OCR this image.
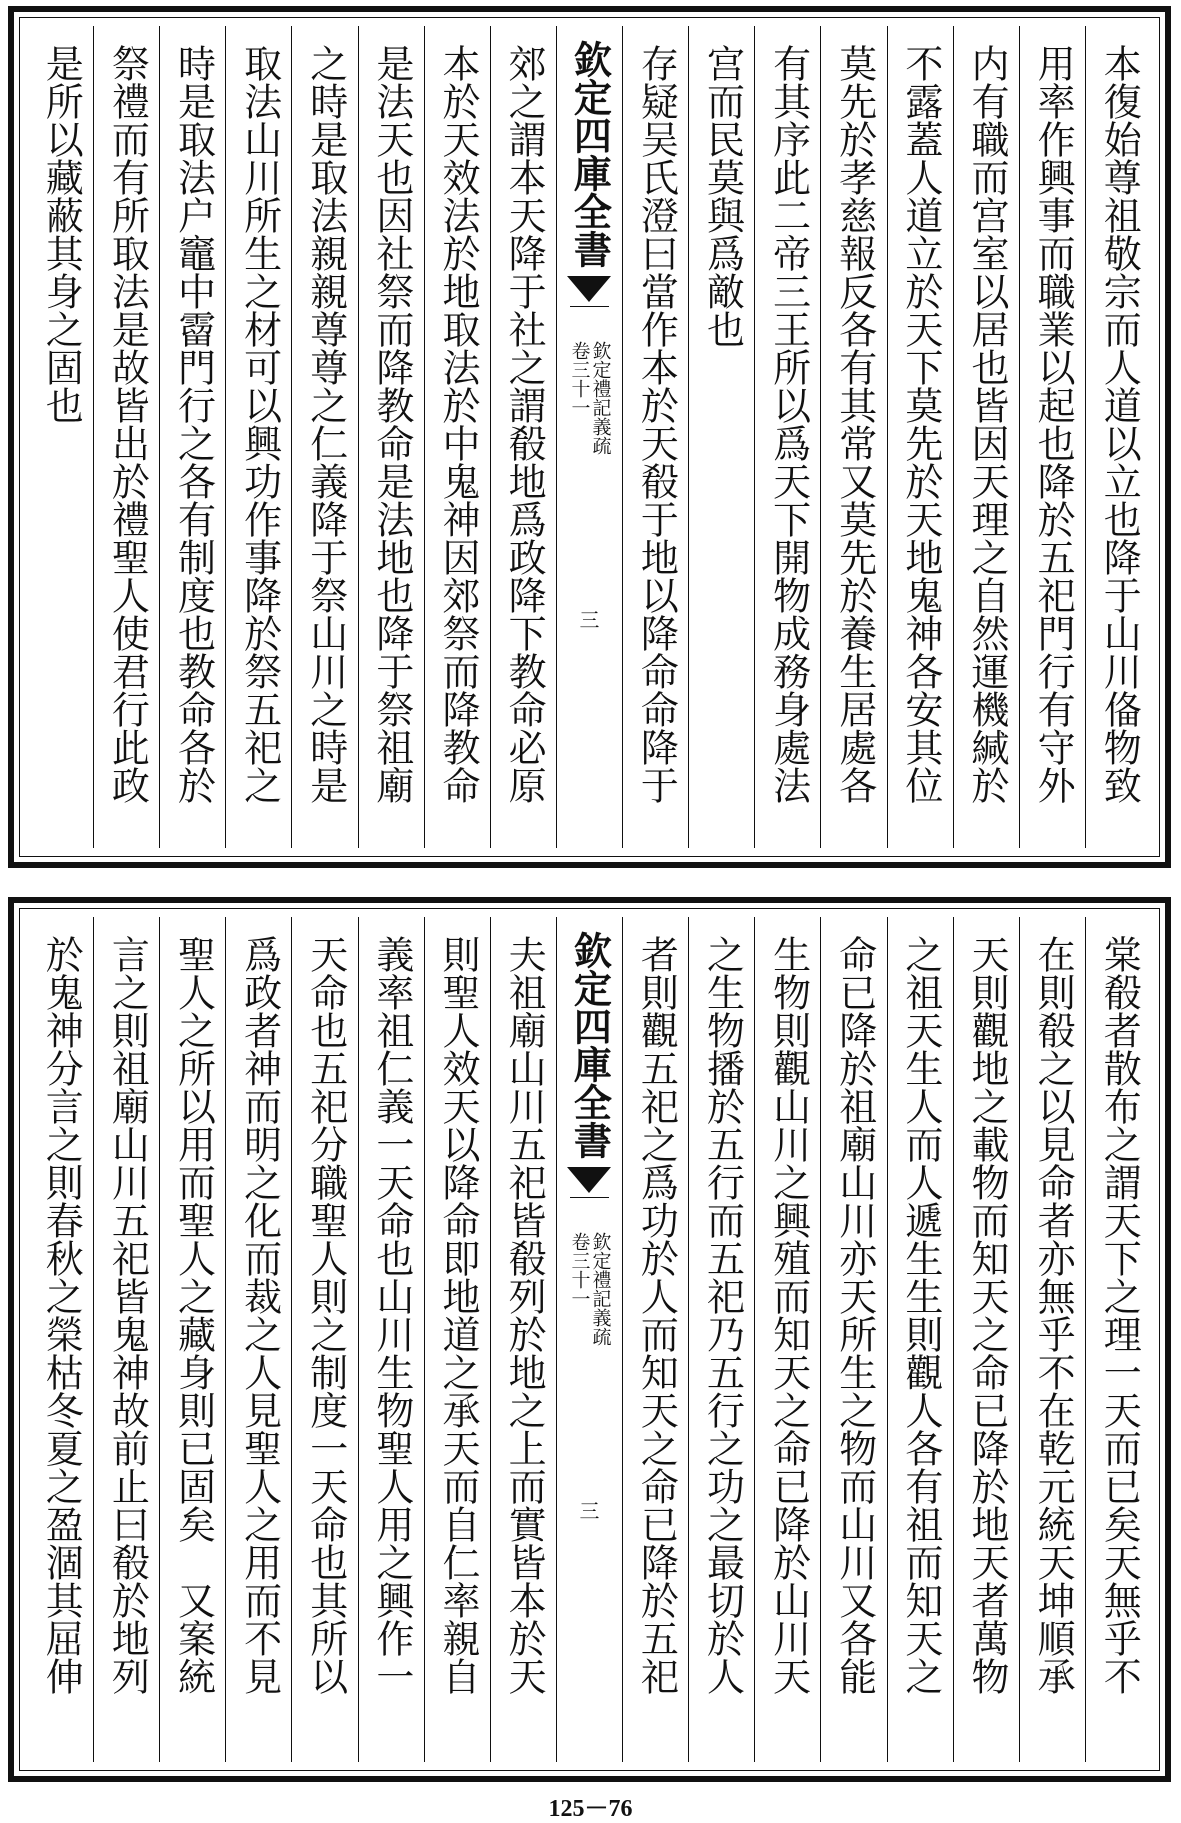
本復始尊祖敬宗而人道以立也降于山川俻物致
用率作興事而職業以起也降於五祀門行有守外
内有職而宫室以居也皆因天理之自然運機緘於
不露蓋人道立於天下莫先於天地鬼神各安其位
莫先於孝慈報反各有其常又莫先於養生居處各
有其序此二帝三王所以爲天下開物成務身處法
宫而民莫與爲敵也
存疑吴氏澄曰當作本於天殽于地以降命命降于
欽定四庫全書
欽定禮記義疏
卷三十一
三
郊之謂本天降于社之謂殽地爲政降下教命必原
本於天效法於地取法於中鬼神因郊祭而降教命
是法天也因社祭而降教命是法地也降于祭祖廟
之時是取法親親尊尊之仁義降于祭山川之時是
取法山川所生之材可以興功作事降於祭五祀之
時是取法户竈中霤門行之各有制度也教命各於
祭禮而有所取法是故皆出於禮聖人使君行此政
是所以藏蔽其身之固也
棠殽者散布之謂天下之理一天而已矣天無乎不
在則殽之以見命者亦無乎不在乾元統天坤順承
天則觀地之載物而知天之命已降於地天者萬物
之祖天生人而人遞生生則觀人各有祖而知天之
命已降於祖廟山川亦天所生之物而山川又各能
生物則觀山川之興殖而知天之命已降於山川天
之生物播於五行而五祀乃五行之功之最切於人
者則觀五祀之爲功於人而知天之命已降於五祀
欽定四庫全書
欽定禮記義疏
卷三十一
三
夫祖廟山川五祀皆殽列於地之上而實皆本於天
則聖人效天以降命即地道之承天而自仁率親自
義率祖仁義一天命也山川生物聖人用之興作一
天命也五祀分職聖人則之制度一天命也其所以
爲政者神而明之化而裁之人見聖人之用而不見
聖人之所以用而聖人之藏身則已固矣　又案統
言之則祖廟山川五祀皆鬼神故前止曰殽於地列
於鬼神分言之則春秋之榮枯冬夏之盈涸其屈伸
125－76
